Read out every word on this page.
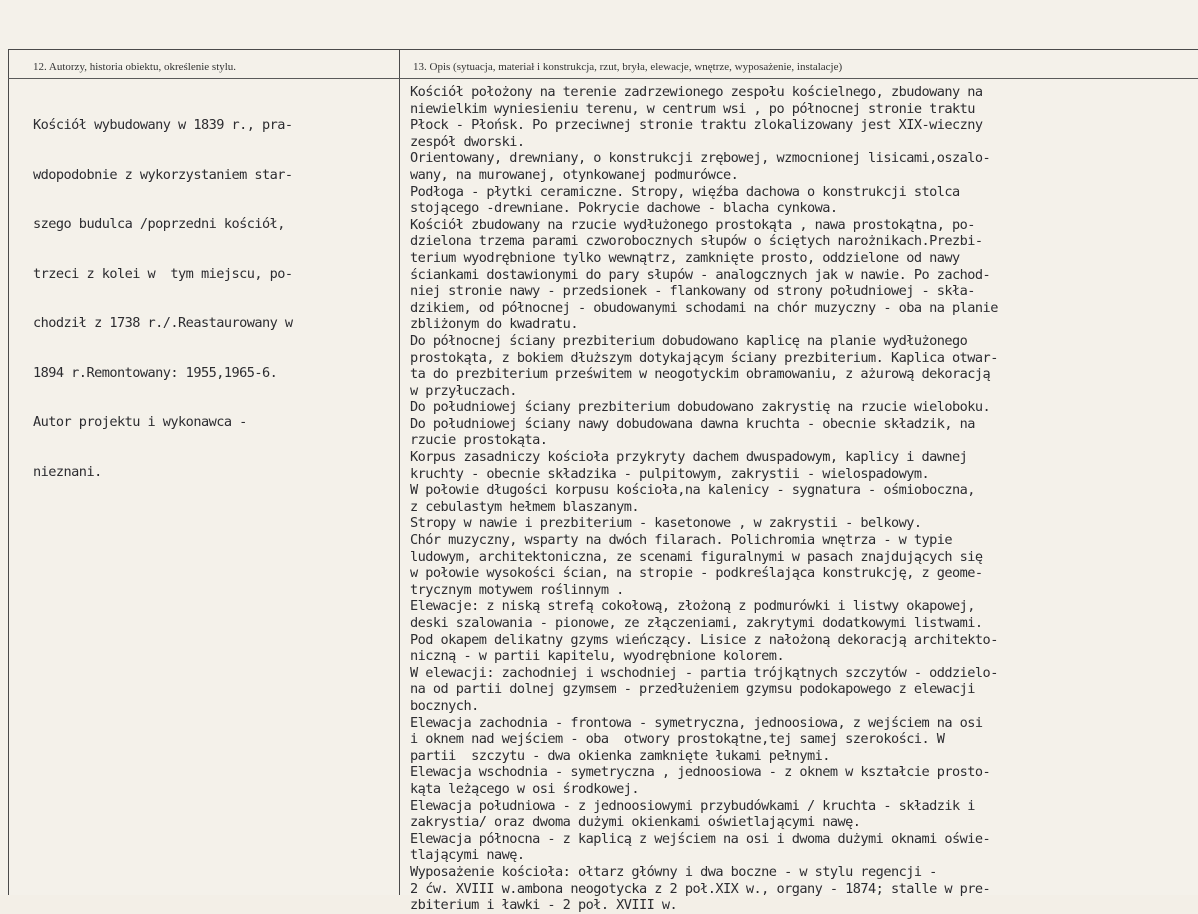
12. Autorzy, historia obiektu, określenie stylu.	13. Opis (sytuacja, materiał i konstrukcja, rzut, bryła, elewacje, wnętrze, wyposażenie, instalacje)

Kościół wybudowany w 1839 r., pra-

wdopodobnie z wykorzystaniem star-

szego budulca /poprzedni kościół,

trzeci z kolei w  tym miejscu, po-

chodził z 1738 r./.Reastaurowany w

1894 r.Remontowany: 1955,1965-6.

Autor projektu i wykonawca -

nieznani.

Kościół położony na terenie zadrzewionego zespołu kościelnego, zbudowany na
niewielkim wyniesieniu terenu, w centrum wsi , po północnej stronie traktu
Płock - Płońsk. Po przeciwnej stronie traktu zlokalizowany jest XIX-wieczny
zespół dworski.
Orientowany, drewniany, o konstrukcji zrębowej, wzmocnionej lisicami,oszalo-
wany, na murowanej, otynkowanej podmurówce.
Podłoga - płytki ceramiczne. Stropy, więźba dachowa o konstrukcji stolca
stojącego -drewniane. Pokrycie dachowe - blacha cynkowa.
Kościół zbudowany na rzucie wydłużonego prostokąta , nawa prostokątna, po-
dzielona trzema parami czworobocznych słupów o ściętych narożnikach.Prezbi-
terium wyodrębnione tylko wewnątrz, zamknięte prosto, oddzielone od nawy
ściankami dostawionymi do pary słupów - analogcznych jak w nawie. Po zachod-
niej stronie nawy - przedsionek - flankowany od strony południowej - skła-
dzikiem, od północnej - obudowanymi schodami na chór muzyczny - oba na planie
zbliżonym do kwadratu.
Do północnej ściany prezbiterium dobudowano kaplicę na planie wydłużonego
prostokąta, z bokiem dłuższym dotykającym ściany prezbiterium. Kaplica otwar-
ta do prezbiterium prześwitem w neogotyckim obramowaniu, z ażurową dekoracją
w przyłuczach.
Do południowej ściany prezbiterium dobudowano zakrystię na rzucie wieloboku.
Do południowej ściany nawy dobudowana dawna kruchta - obecnie składzik, na
rzucie prostokąta.
Korpus zasadniczy kościoła przykryty dachem dwuspadowym, kaplicy i dawnej
kruchty - obecnie składzika - pulpitowym, zakrystii - wielospadowym.
W połowie długości korpusu kościoła,na kalenicy - sygnatura - ośmioboczna,
z cebulastym hełmem blaszanym.
Stropy w nawie i prezbiterium - kasetonowe , w zakrystii - belkowy.
Chór muzyczny, wsparty na dwóch filarach. Polichromia wnętrza - w typie
ludowym, architektoniczna, ze scenami figuralnymi w pasach znajdujących się
w połowie wysokości ścian, na stropie - podkreślająca konstrukcję, z geome-
trycznym motywem roślinnym .
Elewacje: z niską strefą cokołową, złożoną z podmurówki i listwy okapowej,
deski szalowania - pionowe, ze złączeniami, zakrytymi dodatkowymi listwami.
Pod okapem delikatny gzyms wieńczący. Lisice z nałożoną dekoracją architekto-
niczną - w partii kapitelu, wyodrębnione kolorem.
W elewacji: zachodniej i wschodniej - partia trójkątnych szczytów - oddzielo-
na od partii dolnej gzymsem - przedłużeniem gzymsu podokapowego z elewacji
bocznych.
Elewacja zachodnia - frontowa - symetryczna, jednoosiowa, z wejściem na osi
i oknem nad wejściem - oba  otwory prostokątne,tej samej szerokości. W
partii  szczytu - dwa okienka zamknięte łukami pełnymi.
Elewacja wschodnia - symetryczna , jednoosiowa - z oknem w kształcie prosto-
kąta leżącego w osi środkowej.
Elewacja południowa - z jednoosiowymi przybudówkami / kruchta - składzik i
zakrystia/ oraz dwoma dużymi okienkami oświetlającymi nawę.
Elewacja północna - z kaplicą z wejściem na osi i dwoma dużymi oknami oświe-
tlającymi nawę.
Wyposażenie kościoła: ołtarz główny i dwa boczne - w stylu regencji -
2 ćw. XVIII w.ambona neogotycka z 2 poł.XIX w., organy - 1874; stalle w pre-
zbiterium i ławki - 2 poł. XVIII w.
